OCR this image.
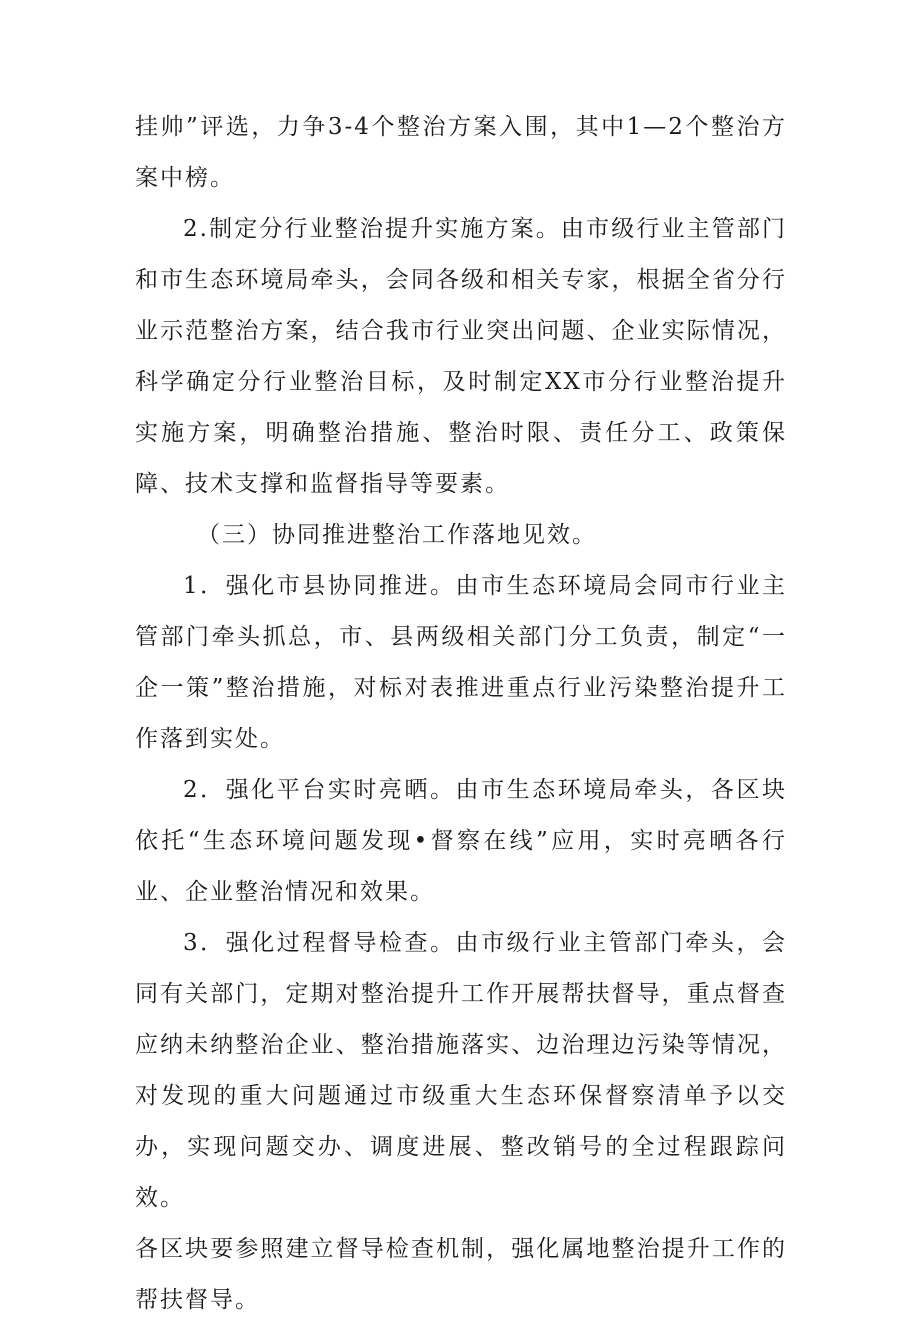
挂帅”评选，力争3-4个整治方案入围，其中1—2个整治方案中榜。

2.制定分行业整治提升实施方案。由市级行业主管部门和市生态环境局牵头，会同各级和相关专家，根据全省分行业示范整治方案，结合我市行业突出问题、企业实际情况，科学确定分行业整治目标，及时制定XX市分行业整治提升实施方案，明确整治措施、整治时限、责任分工、政策保障、技术支撑和监督指导等要素。

（三）协同推进整治工作落地见效。

1．强化市县协同推进。由市生态环境局会同市行业主管部门牵头抓总，市、县两级相关部门分工负责，制定“一企一策”整治措施，对标对表推进重点行业污染整治提升工作落到实处。

2．强化平台实时亮晒。由市生态环境局牵头，各区块依托“生态环境问题发现•督察在线”应用，实时亮晒各行业、企业整治情况和效果。

3．强化过程督导检查。由市级行业主管部门牵头，会同有关部门，定期对整治提升工作开展帮扶督导，重点督查应纳未纳整治企业、整治措施落实、边治理边污染等情况，对发现的重大问题通过市级重大生态环保督察清单予以交办，实现问题交办、调度进展、整改销号的全过程跟踪问效。

各区块要参照建立督导检查机制，强化属地整治提升工作的帮扶督导。
